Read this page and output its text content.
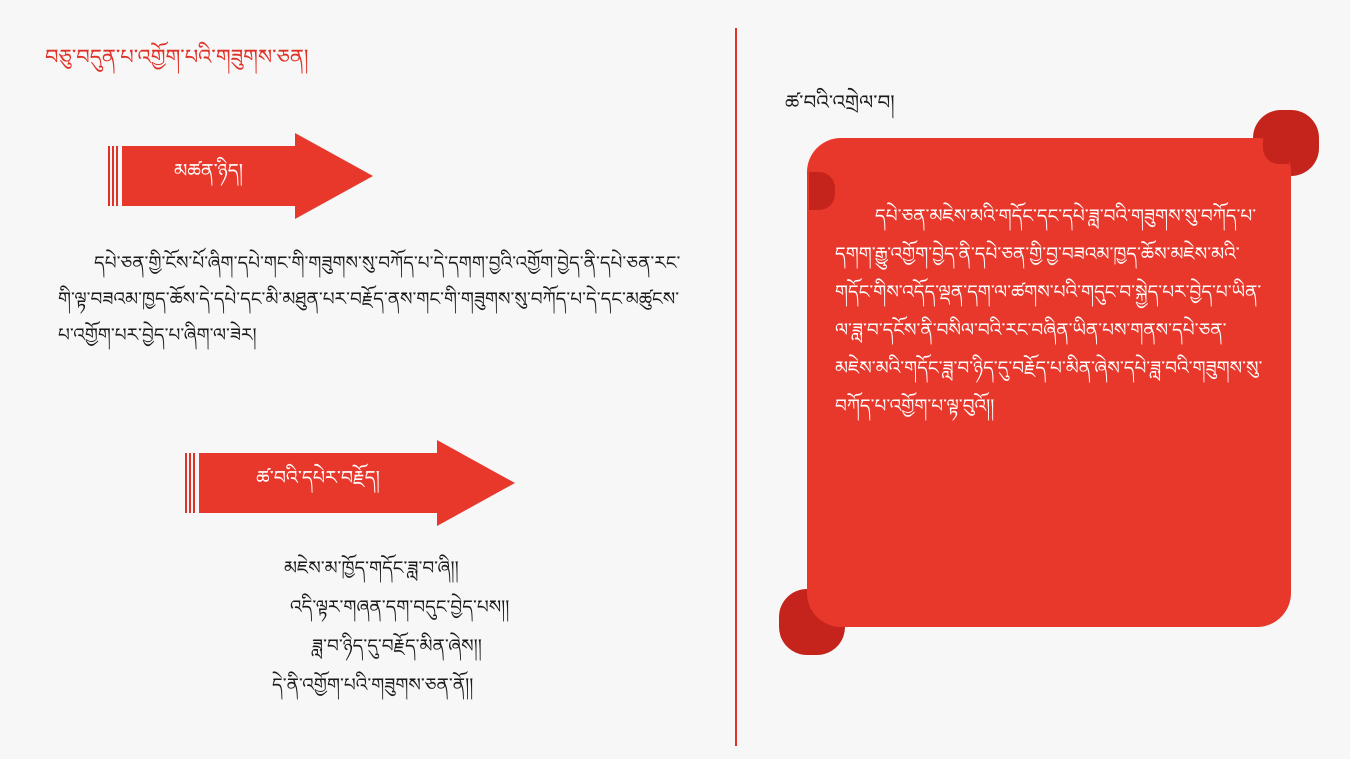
བཅུ་བདུན་པ་འགྱོག་པའི་གཟུགས་ཅན།
མཚན་ཉིད།

དཔེ་ཅན་གྱི་ངོས་པོ་ཞིག་དཔེ་གང་གི་གཟུགས་སུ་བཀོད་པ་དེ་དགག་བྱའི་འགྱོག་བྱེད་ནི་དཔེ་ཅན་རང་གི་ལྟ་བཟའམ་ཁྱད་ཆོས་དེ་དཔེ་དང་མི་མཐུན་པར་བརྗོད་ནས་གང་གི་གཟུགས་སུ་བཀོད་པ་དེ་དང་མཚུངས་པ་འགྱོག་པར་བྱེད་པ་ཞིག་ལ་ཟེར།

ཚ་བའི་དཔེར་བརྗོད།
མཇེས་མ་ཁྱོད་གདོང་ཟླ་བ་ཞི།།
འདི་ལྟར་གཞན་དག་བདུང་བྱེད་པས།།
ཟླ་བ་ཉིད་དུ་བརྗོད་མིན་ཞེས།།
དེ་ནི་འགྱོག་པའི་གཟུགས་ཅན་ནོ།།
ཚ་བའི་འགྲེལ་བ།

དཔེ་ཅན་མཇེས་མའི་གདོང་དང་དཔེ་ཟླ་བའི་གཟུགས་སུ་བཀོད་པ་དགག་རྒྱུ་འགྱོག་བྱེད་ནི་དཔེ་ཅན་གྱི་བྱ་བཟའམ་ཁྱད་ཆོས་མཇེས་མའི་གདོང་གིས་འདོད་ལྡན་དག་ལ་ཚགས་པའི་གདུང་བ་སྐྱེད་པར་བྱེད་པ་ཡིན་ལ་ཟླ་བ་དངོས་ནི་བསིལ་བའི་རང་བཞིན་ཡིན་པས་གནས་དཔེ་ཅན་མཇེས་མའི་གདོང་ཟླ་བ་ཉིད་དུ་བརྗོད་པ་མིན་ཞེས་དཔེ་ཟླ་བའི་གཟུགས་སུ་བཀོད་པ་འགྱོག་པ་ལྟ་བུའོ།།
